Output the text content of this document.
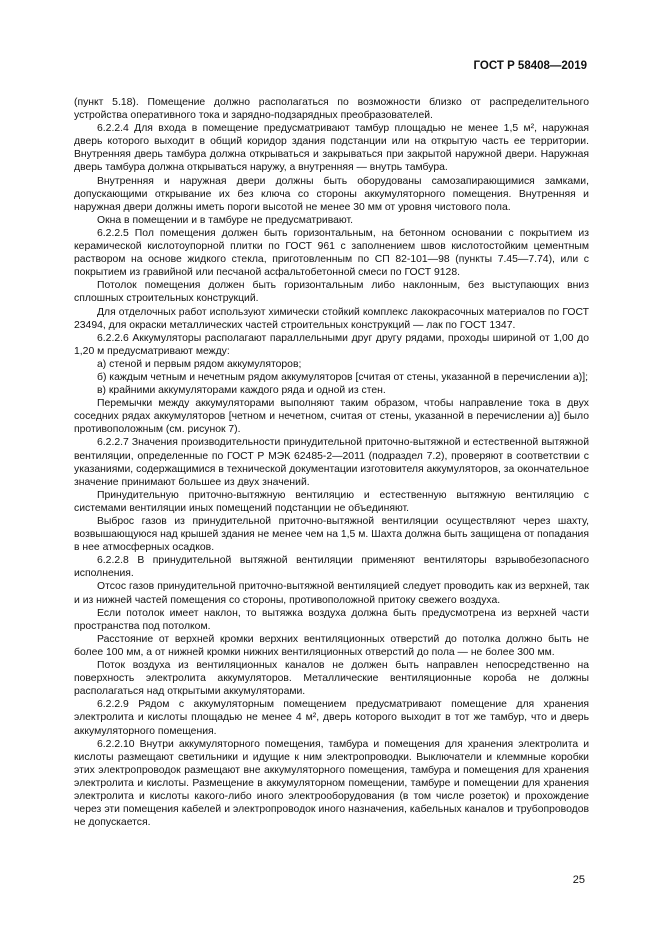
ГОСТ Р 58408—2019

(пункт 5.18). Помещение должно располагаться по возможности близко от распределительного устройства оперативного тока и зарядно-подзарядных преобразователей.

6.2.2.4 Для входа в помещение предусматривают тамбур площадью не менее 1,5 м², наружная дверь которого выходит в общий коридор здания подстанции или на открытую часть ее территории. Внутренняя дверь тамбура должна открываться и закрываться при закрытой наружной двери. Наружная дверь тамбура должна открываться наружу, а внутренняя — внутрь тамбура.

Внутренняя и наружная двери должны быть оборудованы самозапирающимися замками, допускающими открывание их без ключа со стороны аккумуляторного помещения. Внутренняя и наружная двери должны иметь пороги высотой не менее 30 мм от уровня чистового пола.

Окна в помещении и в тамбуре не предусматривают.

6.2.2.5 Пол помещения должен быть горизонтальным, на бетонном основании с покрытием из керамической кислотоупорной плитки по ГОСТ 961 с заполнением швов кислотостойким цементным раствором на основе жидкого стекла, приготовленным по СП 82-101—98 (пункты 7.45—7.74), или с покрытием из гравийной или песчаной асфальтобетонной смеси по ГОСТ 9128.

Потолок помещения должен быть горизонтальным либо наклонным, без выступающих вниз сплошных строительных конструкций.

Для отделочных работ используют химически стойкий комплекс лакокрасочных материалов по ГОСТ 23494, для окраски металлических частей строительных конструкций — лак по ГОСТ 1347.

6.2.2.6 Аккумуляторы располагают параллельными друг другу рядами, проходы шириной от 1,00 до 1,20 м предусматривают между:

а) стеной и первым рядом аккумуляторов;

б) каждым четным и нечетным рядом аккумуляторов [считая от стены, указанной в перечислении а)];

в) крайними аккумуляторами каждого ряда и одной из стен.

Перемычки между аккумуляторами выполняют таким образом, чтобы направление тока в двух соседних рядах аккумуляторов [четном и нечетном, считая от стены, указанной в перечислении а)] было противоположным (см. рисунок 7).

6.2.2.7 Значения производительности принудительной приточно-вытяжной и естественной вытяжной вентиляции, определенные по ГОСТ Р МЭК 62485-2—2011 (подраздел 7.2), проверяют в соответствии с указаниями, содержащимися в технической документации изготовителя аккумуляторов, за окончательное значение принимают большее из двух значений.

Принудительную приточно-вытяжную вентиляцию и естественную вытяжную вентиляцию с системами вентиляции иных помещений подстанции не объединяют.

Выброс газов из принудительной приточно-вытяжной вентиляции осуществляют через шахту, возвышающуюся над крышей здания не менее чем на 1,5 м. Шахта должна быть защищена от попадания в нее атмосферных осадков.

6.2.2.8 В принудительной вытяжной вентиляции применяют вентиляторы взрывобезопасного исполнения.

Отсос газов принудительной приточно-вытяжной вентиляцией следует проводить как из верхней, так и из нижней частей помещения со стороны, противоположной притоку свежего воздуха.

Если потолок имеет наклон, то вытяжка воздуха должна быть предусмотрена из верхней части пространства под потолком.

Расстояние от верхней кромки верхних вентиляционных отверстий до потолка должно быть не более 100 мм, а от нижней кромки нижних вентиляционных отверстий до пола — не более 300 мм.

Поток воздуха из вентиляционных каналов не должен быть направлен непосредственно на поверхность электролита аккумуляторов. Металлические вентиляционные короба не должны располагаться над открытыми аккумуляторами.

6.2.2.9 Рядом с аккумуляторным помещением предусматривают помещение для хранения электролита и кислоты площадью не менее 4 м², дверь которого выходит в тот же тамбур, что и дверь аккумуляторного помещения.

6.2.2.10 Внутри аккумуляторного помещения, тамбура и помещения для хранения электролита и кислоты размещают светильники и идущие к ним электропроводки. Выключатели и клеммные коробки этих электропроводок размещают вне аккумуляторного помещения, тамбура и помещения для хранения электролита и кислоты. Размещение в аккумуляторном помещении, тамбуре и помещении для хранения электролита и кислоты какого-либо иного электрооборудования (в том числе розеток) и прохождение через эти помещения кабелей и электропроводок иного назначения, кабельных каналов и трубопроводов не допускается.

25
